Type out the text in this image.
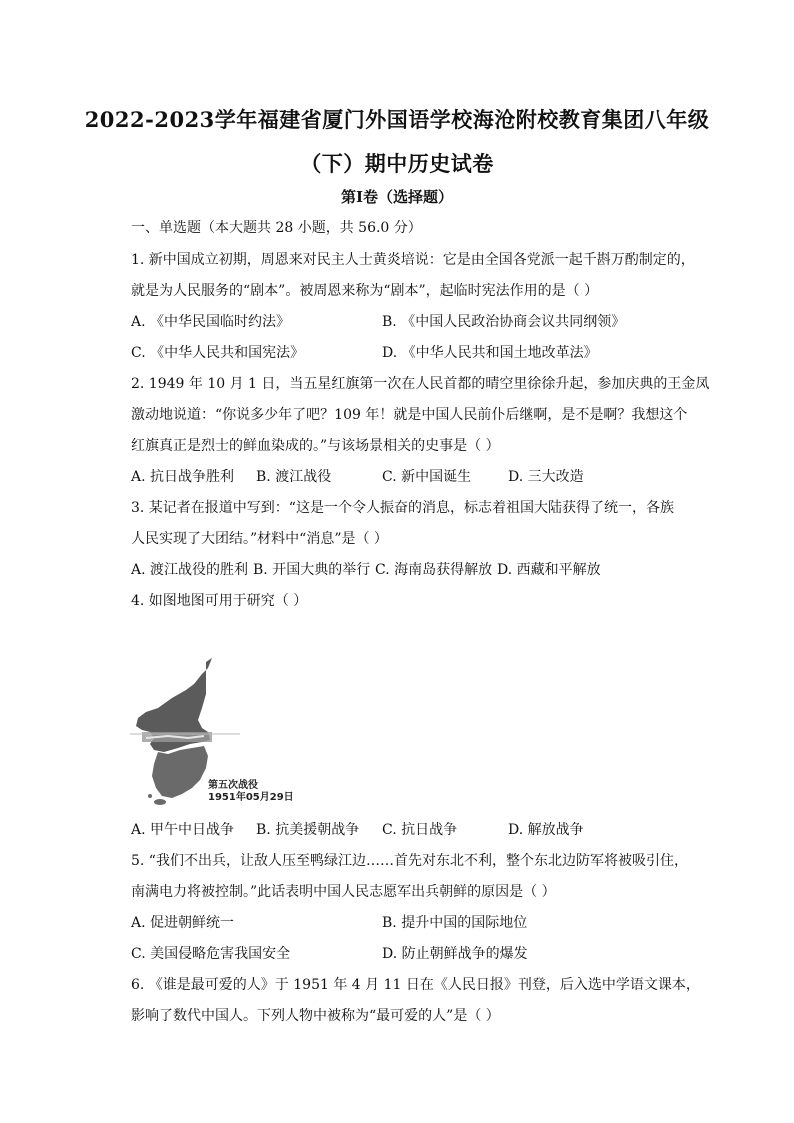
2022-2023学年福建省厦门外国语学校海沧附校教育集团八年级
（下）期中历史试卷
第Ⅰ卷（选择题）
一、单选题（本大题共 28 小题，共 56.0 分）
1. 新中国成立初期，周恩来对民主人士黄炎培说：它是由全国各党派一起千斟万酌制定的，
就是为人民服务的“剧本”。被周恩来称为“剧本”，起临时宪法作用的是（ ）
A. 《中华民国临时约法》	B. 《中国人民政治协商会议共同纲领》
C. 《中华人民共和国宪法》	D. 《中华人民共和国土地改革法》
2. 1949 年 10 月 1 日，当五星红旗第一次在人民首都的晴空里徐徐升起，参加庆典的王金凤
激动地说道：“你说多少年了吧？109 年！就是中国人民前仆后继啊，是不是啊？我想这个
红旗真正是烈士的鲜血染成的。”与该场景相关的史事是（ ）
A. 抗日战争胜利 B. 渡江战役	C. 新中国诞生	D. 三大改造
3. 某记者在报道中写到：“这是一个令人振奋的消息，标志着祖国大陆获得了统一，各族
人民实现了大团结。”材料中“消息”是（ ）
A. 渡江战役的胜利 B. 开国大典的举行 C. 海南岛获得解放 D. 西藏和平解放
4. 如图地图可用于研究（ ）
第五次战役
1951年05月29日
A. 甲午中日战争 B. 抗美援朝战争 C. 抗日战争	D. 解放战争
5. “我们不出兵，让敌人压至鸭绿江边……首先对东北不利，整个东北边防军将被吸引住，
南满电力将被控制。”此话表明中国人民志愿军出兵朝鲜的原因是（ ）
A. 促进朝鲜统一	B. 提升中国的国际地位
C. 美国侵略危害我国安全	D. 防止朝鲜战争的爆发
6. 《谁是最可爱的人》于 1951 年 4 月 11 日在《人民日报》刊登，后入选中学语文课本，
影响了数代中国人。下列人物中被称为“最可爱的人”是（ ）
